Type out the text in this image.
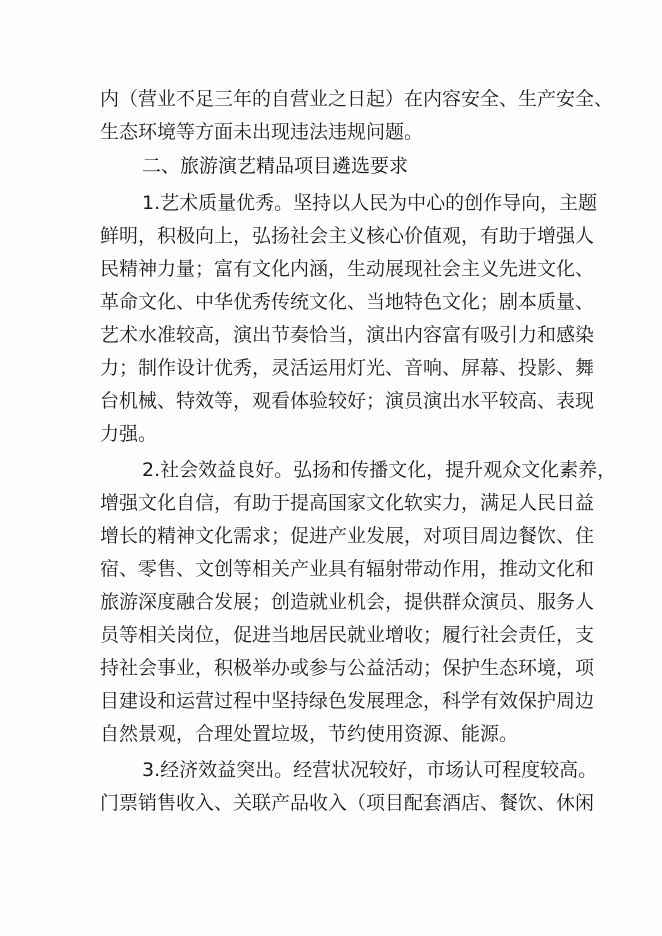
内（营业不足三年的自营业之日起）在内容安全、生产安全、
生态环境等方面未出现违法违规问题。
二、旅游演艺精品项目遴选要求
1.艺术质量优秀。坚持以人民为中心的创作导向，主题
鲜明，积极向上，弘扬社会主义核心价值观，有助于增强人
民精神力量；富有文化内涵，生动展现社会主义先进文化、
革命文化、中华优秀传统文化、当地特色文化；剧本质量、
艺术水准较高，演出节奏恰当，演出内容富有吸引力和感染
力；制作设计优秀，灵活运用灯光、音响、屏幕、投影、舞
台机械、特效等，观看体验较好；演员演出水平较高、表现
力强。
2.社会效益良好。弘扬和传播文化，提升观众文化素养，
增强文化自信，有助于提高国家文化软实力，满足人民日益
增长的精神文化需求；促进产业发展，对项目周边餐饮、住
宿、零售、文创等相关产业具有辐射带动作用，推动文化和
旅游深度融合发展；创造就业机会，提供群众演员、服务人
员等相关岗位，促进当地居民就业增收；履行社会责任，支
持社会事业，积极举办或参与公益活动；保护生态环境，项
目建设和运营过程中坚持绿色发展理念，科学有效保护周边
自然景观，合理处置垃圾，节约使用资源、能源。
3.经济效益突出。经营状况较好，市场认可程度较高。
门票销售收入、关联产品收入（项目配套酒店、餐饮、休闲
